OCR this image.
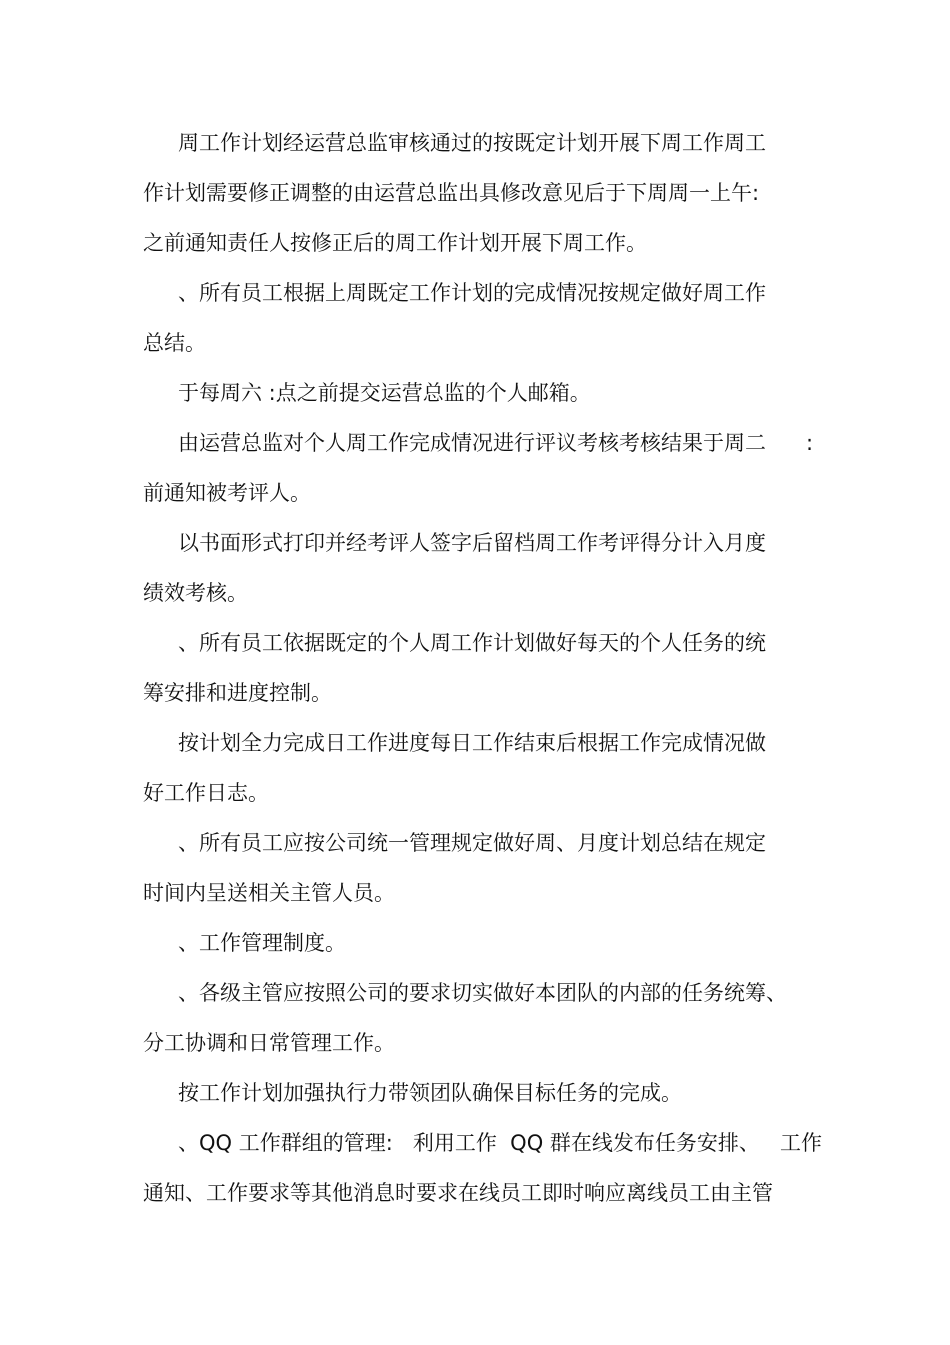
周工作计划经运营总监审核通过的按既定计划开展下周工作周工

作计划需要修正调整的由运营总监出具修改意见后于下周周一上午:

之前通知责任人按修正后的周工作计划开展下周工作。

、所有员工根据上周既定工作计划的完成情况按规定做好周工作

总结。

于每周六 :点之前提交运营总监的个人邮箱。

由运营总监对个人周工作完成情况进行评议考核考核结果于周二 :

前通知被考评人。

以书面形式打印并经考评人签字后留档周工作考评得分计入月度

绩效考核。

、所有员工依据既定的个人周工作计划做好每天的个人任务的统

筹安排和进度控制。

按计划全力完成日工作进度每日工作结束后根据工作完成情况做

好工作日志。

、所有员工应按公司统一管理规定做好周、月度计划总结在规定

时间内呈送相关主管人员。

、工作管理制度。

、各级主管应按照公司的要求切实做好本团队的内部的任务统筹、

分工协调和日常管理工作。

按工作计划加强执行力带领团队确保目标任务的完成。

、QQ 工作群组的管理:   利用工作  QQ 群在线发布任务安排、   工作

通知、工作要求等其他消息时要求在线员工即时响应离线员工由主管
